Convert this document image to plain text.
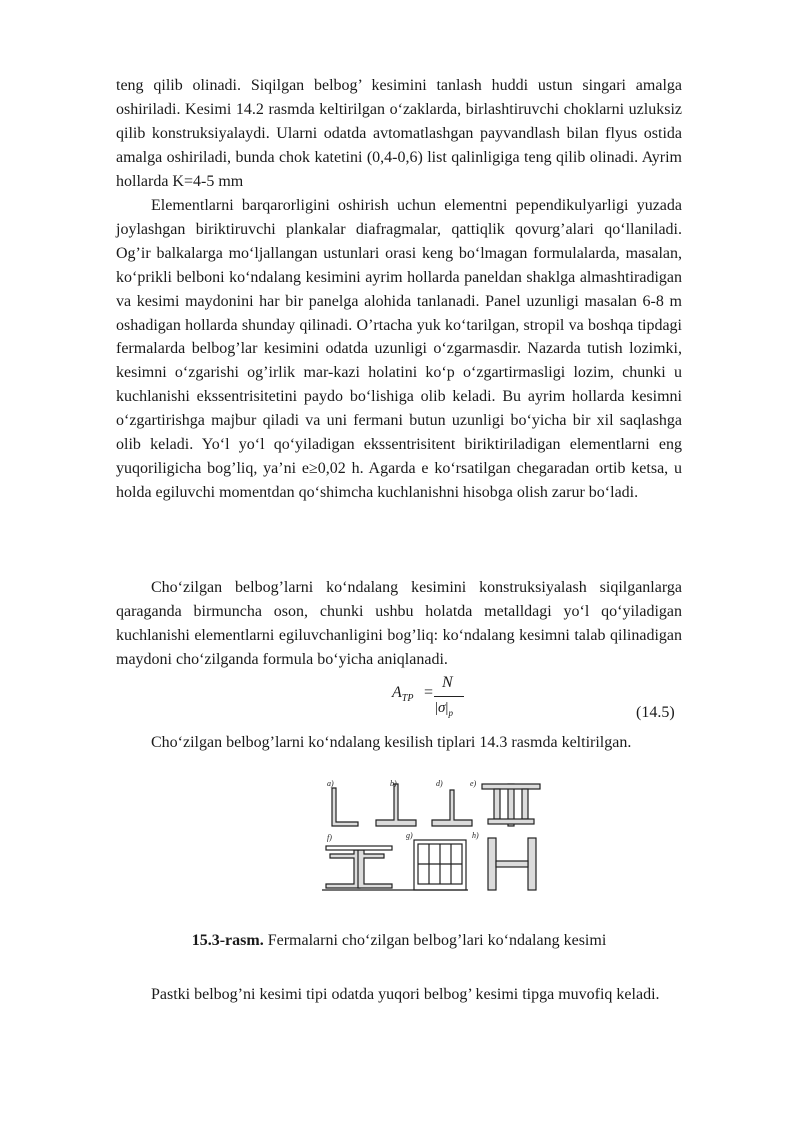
teng qilib olinadi. Siqilgan belbog’ kesimini tanlash huddi ustun singari amalga oshiriladi. Kesimi 14.2 rasmda keltirilgan o‘zaklarda, birlashtiruvchi choklarni uzluksiz qilib konstruksiyalaydi. Ularni odatda avtomatlashgan payvandlash bilan flyus ostida amalga oshiriladi, bunda chok katetini (0,4-0,6) list qalinligiga teng qilib olinadi. Ayrim hollarda K=4-5 mm

Elementlarni barqarorligini oshirish uchun elementni pependikulyarligi yuzada joylashgan biriktiruvchi plankalar diafragmalar, qattiqlik qovurg’alari qo‘llaniladi. Og’ir balkalarga mo‘ljallangan ustunlari orasi keng bo‘lmagan formulalarda, masalan, ko‘prikli belboni ko‘ndalang kesimini ayrim hollarda paneldan shaklga almashtiradigan va kesimi maydonini har bir panelga alohida tanlanadi. Panel uzunligi masalan 6-8 m oshadigan hollarda shunday qilinadi. O’rtacha yuk ko‘tarilgan, stropil va boshqa tipdagi fermalarda belbog’lar kesimini odatda uzunligi o‘zgarmasdir. Nazarda tutish lozimki, kesimni o‘zgarishi og’irlik mar-kazi holatini ko‘p o‘zgartirmasligi lozim, chunki u kuchlanishi ekssentrisitetini paydo bo‘lishiga olib keladi. Bu ayrim hollarda kesimni o‘zgartirishga majbur qiladi va uni fermani butun uzunligi bo‘yicha bir xil saqlashga olib keladi. Yo‘l yo‘l qo‘yiladigan ekssentrisitent biriktiriladigan elementlarni eng yuqoriligicha bog’liq, ya’ni e≥0,02 h. Agarda e ko‘rsatilgan chegaradan ortib ketsa, u holda egiluvchi momentdan qo‘shimcha kuchlanishni hisobga olish zarur bo‘ladi.

Cho‘zilgan belbog’larni ko‘ndalang kesimini konstruksiyalash siqilganlarga qaraganda birmuncha oson, chunki ushbu holatda metalldagi yo‘l qo‘yiladigan kuchlanishi elementlarni egiluvchanligini bog’liq: ko‘ndalang kesimni talab qilinadigan maydoni cho‘zilganda formula bo‘yicha aniqlanadi.

$A_{TP}$ =
N
$|\sigma|_p$	(14.5)

Cho‘zilgan belbog’larni ko‘ndalang kesilish tiplari 14.3 rasmda keltirilgan.

a)	b)	d)	e)
f)	g)	h)
15.3-rasm. Fermalarni cho‘zilgan belbog’lari ko‘ndalang kesimi

Pastki belbog’ni kesimi tipi odatda yuqori belbog’ kesimi tipga muvofiq keladi.
